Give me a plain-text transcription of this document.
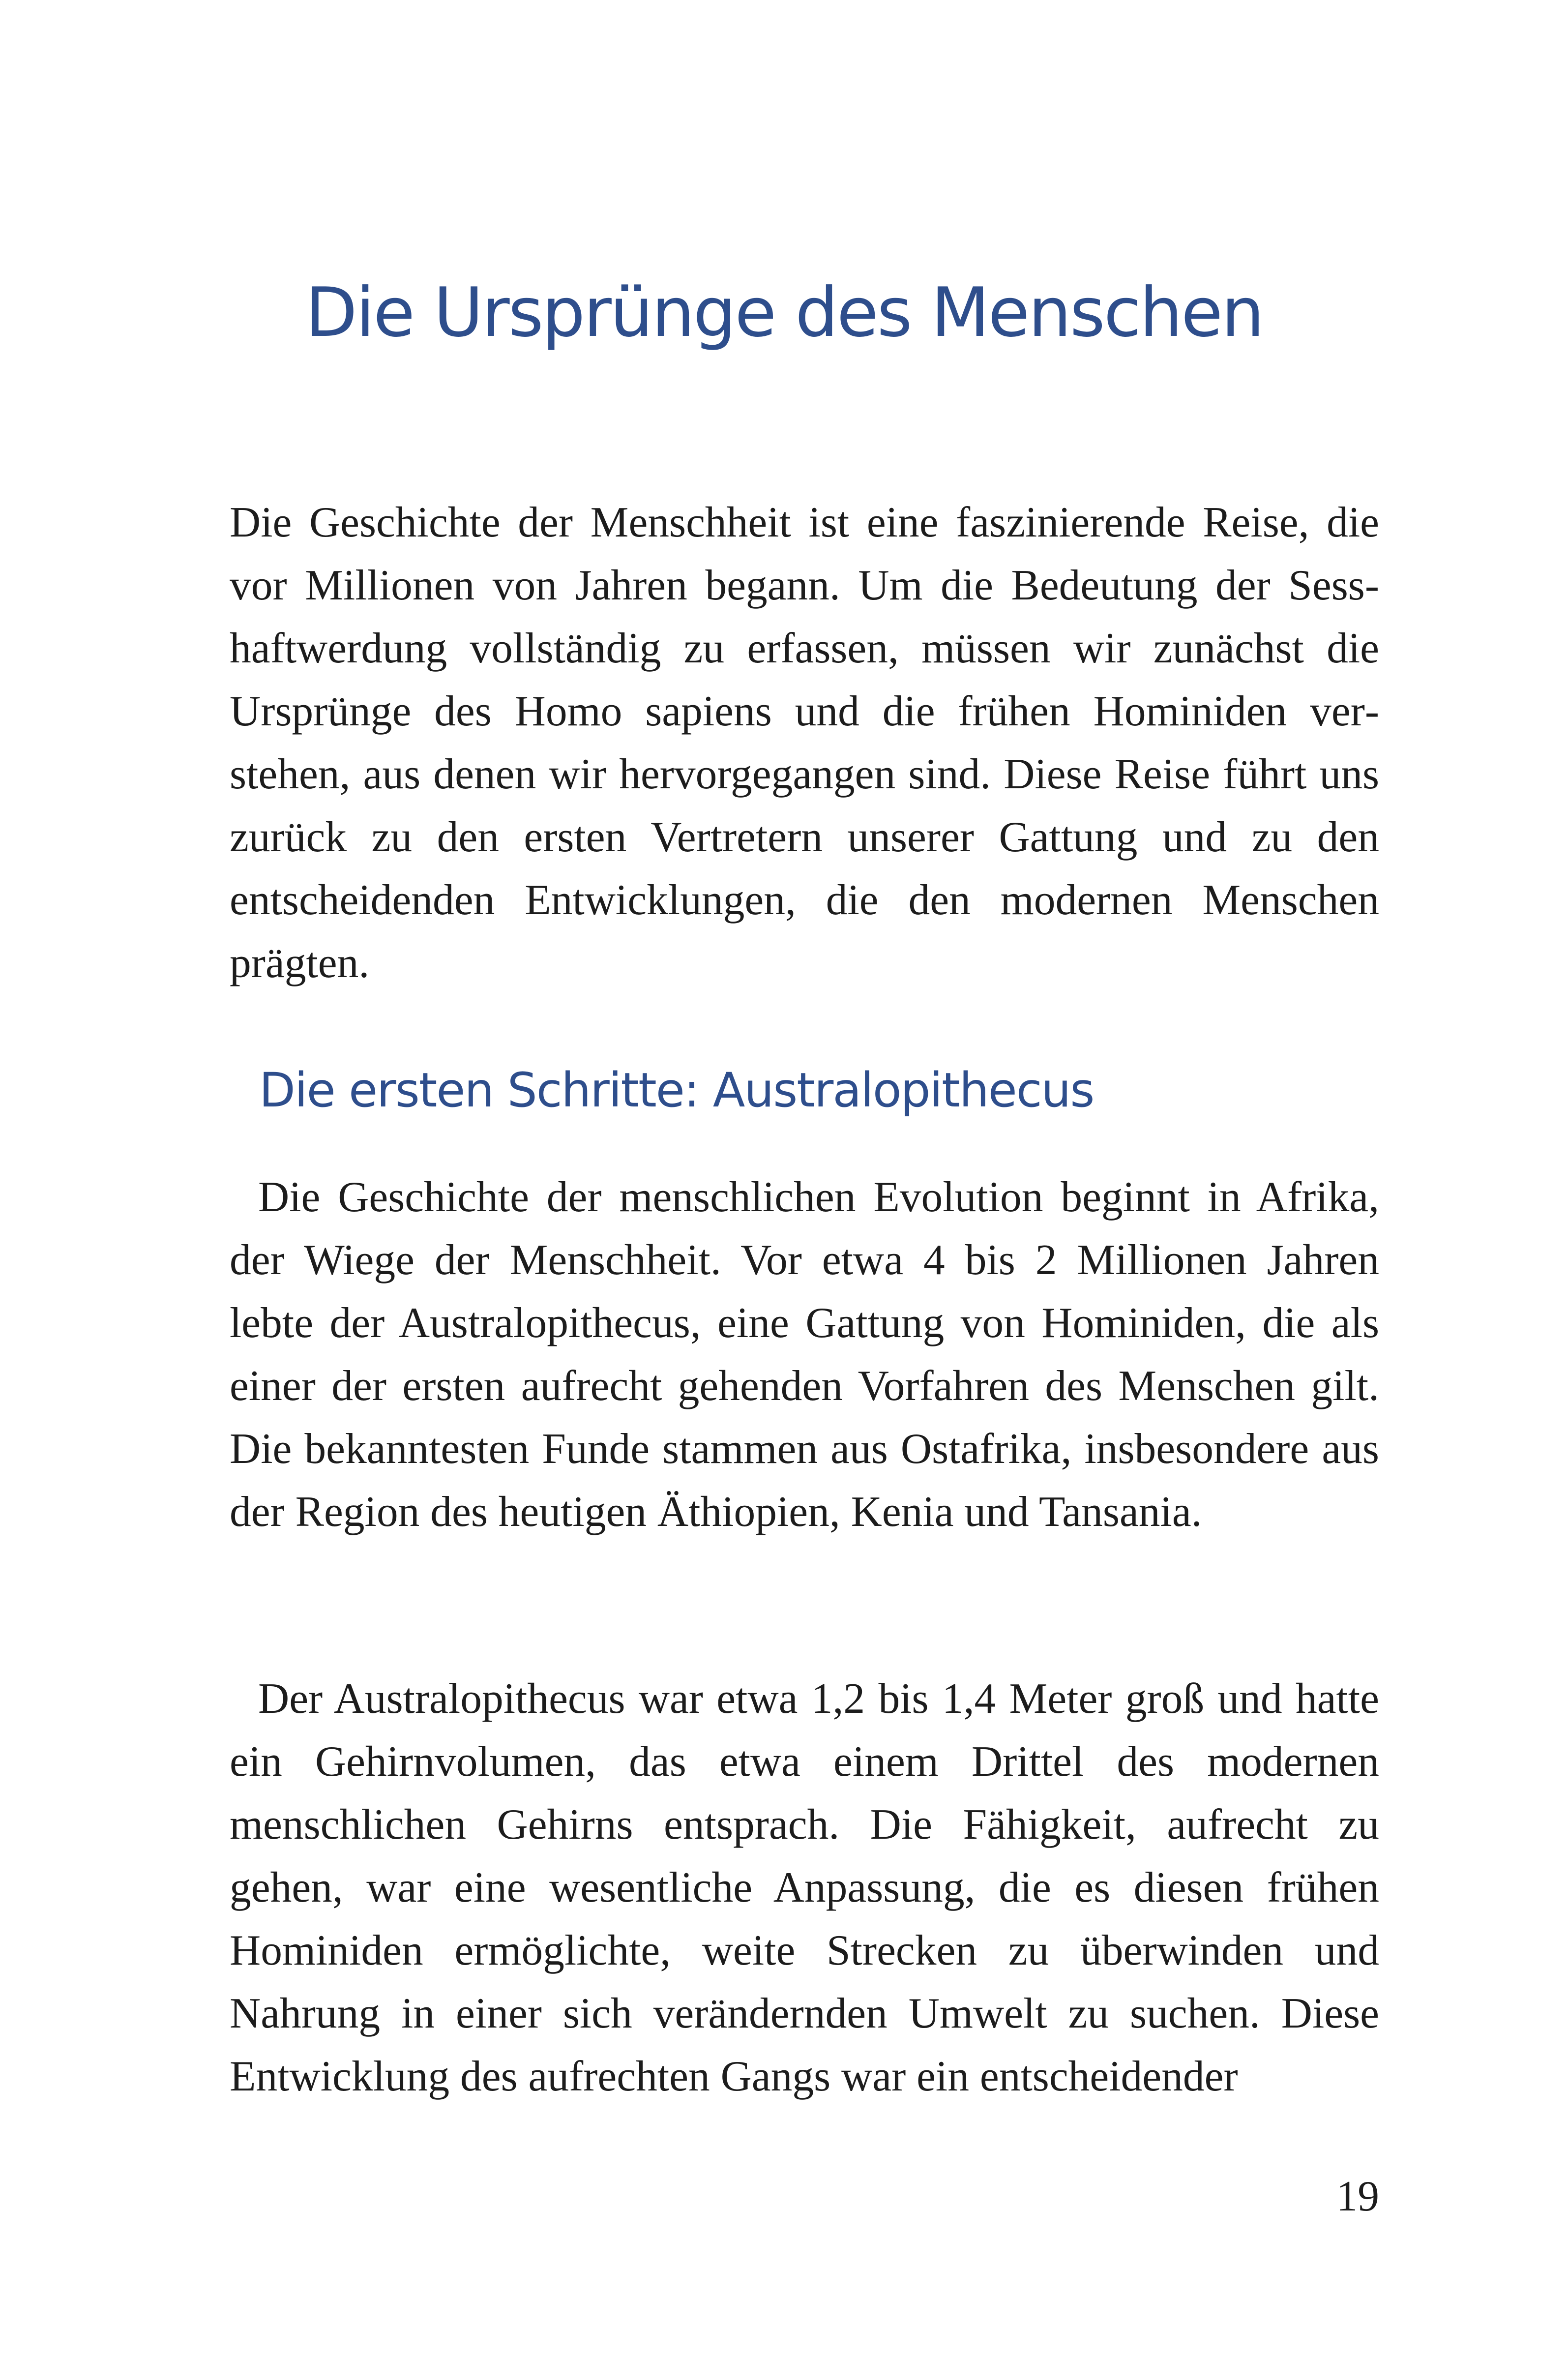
Die Ursprünge des Menschen

Die Geschichte der Menschheit ist eine faszinierende Reise, die vor Millionen von Jahren begann. Um die Bedeutung der Sesshaftwerdung vollständig zu erfassen, müssen wir zunächst die Ursprünge des Homo sapiens und die frühen Hominiden verstehen, aus denen wir hervorgegangen sind. Diese Reise führt uns zurück zu den ersten Vertretern unserer Gattung und zu den entscheidenden Entwicklungen, die den modernen Menschen prägten.

Die ersten Schritte: Australopithecus

Die Geschichte der menschlichen Evolution beginnt in Afrika, der Wiege der Menschheit. Vor etwa 4 bis 2 Millionen Jahren lebte der Australopithecus, eine Gattung von Hominiden, die als einer der ersten aufrecht gehenden Vorfahren des Menschen gilt. Die bekanntesten Funde stammen aus Ostafrika, insbesondere aus der Region des heutigen Äthiopien, Kenia und Tansania.

Der Australopithecus war etwa 1,2 bis 1,4 Meter groß und hatte ein Gehirnvolumen, das etwa einem Drittel des modernen menschlichen Gehirns entsprach. Die Fähigkeit, aufrecht zu gehen, war eine wesentliche Anpassung, die es diesen frühen Hominiden ermöglichte, weite Strecken zu überwinden und Nahrung in einer sich verändernden Umwelt zu suchen. Diese Entwicklung des aufrechten Gangs war ein entscheidender

19
